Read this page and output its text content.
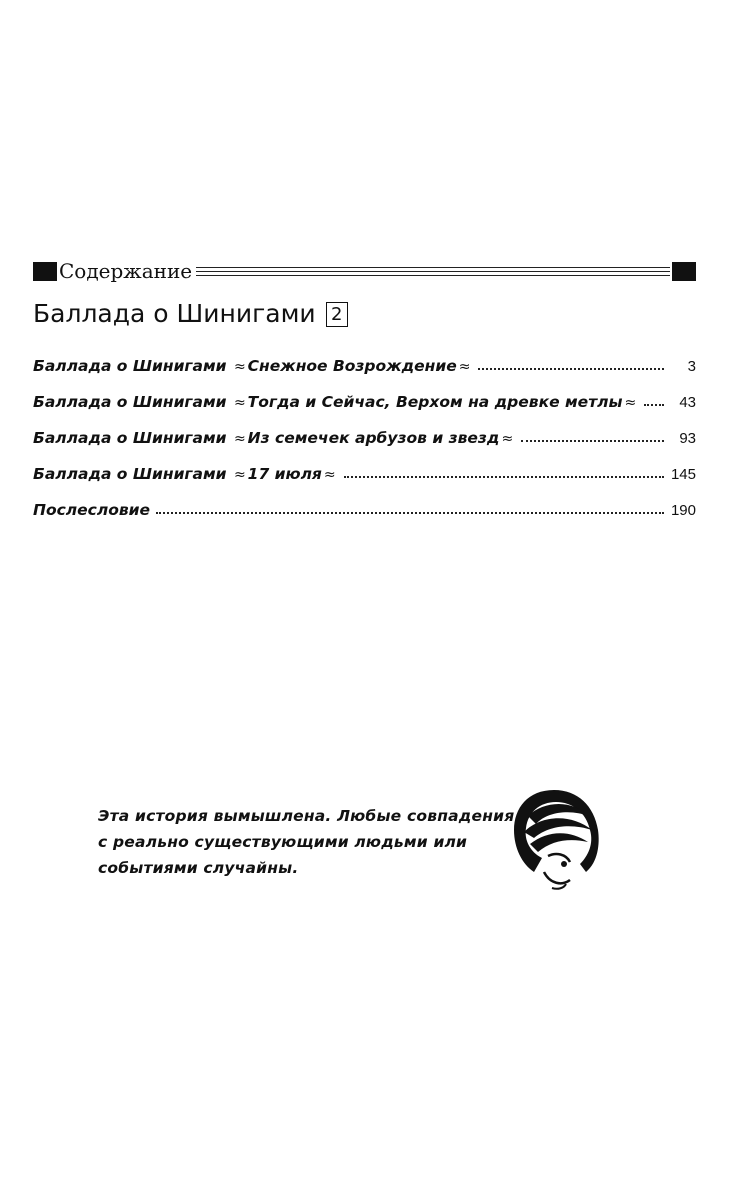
Содержание
Баллада о Шинигами 2
Баллада о Шинигами ≈ Снежное Возрождение ≈	3
Баллада о Шинигами ≈ Тогда и Сейчас, Верхом на древке метлы ≈	43
Баллада о Шинигами ≈ Из семечек арбузов и звезд ≈	93
Баллада о Шинигами ≈ 17 июля ≈	145
Послесловие	190
Эта история вымышлена. Любые совпадения
с реально существующими людьми или
событиями случайны.
